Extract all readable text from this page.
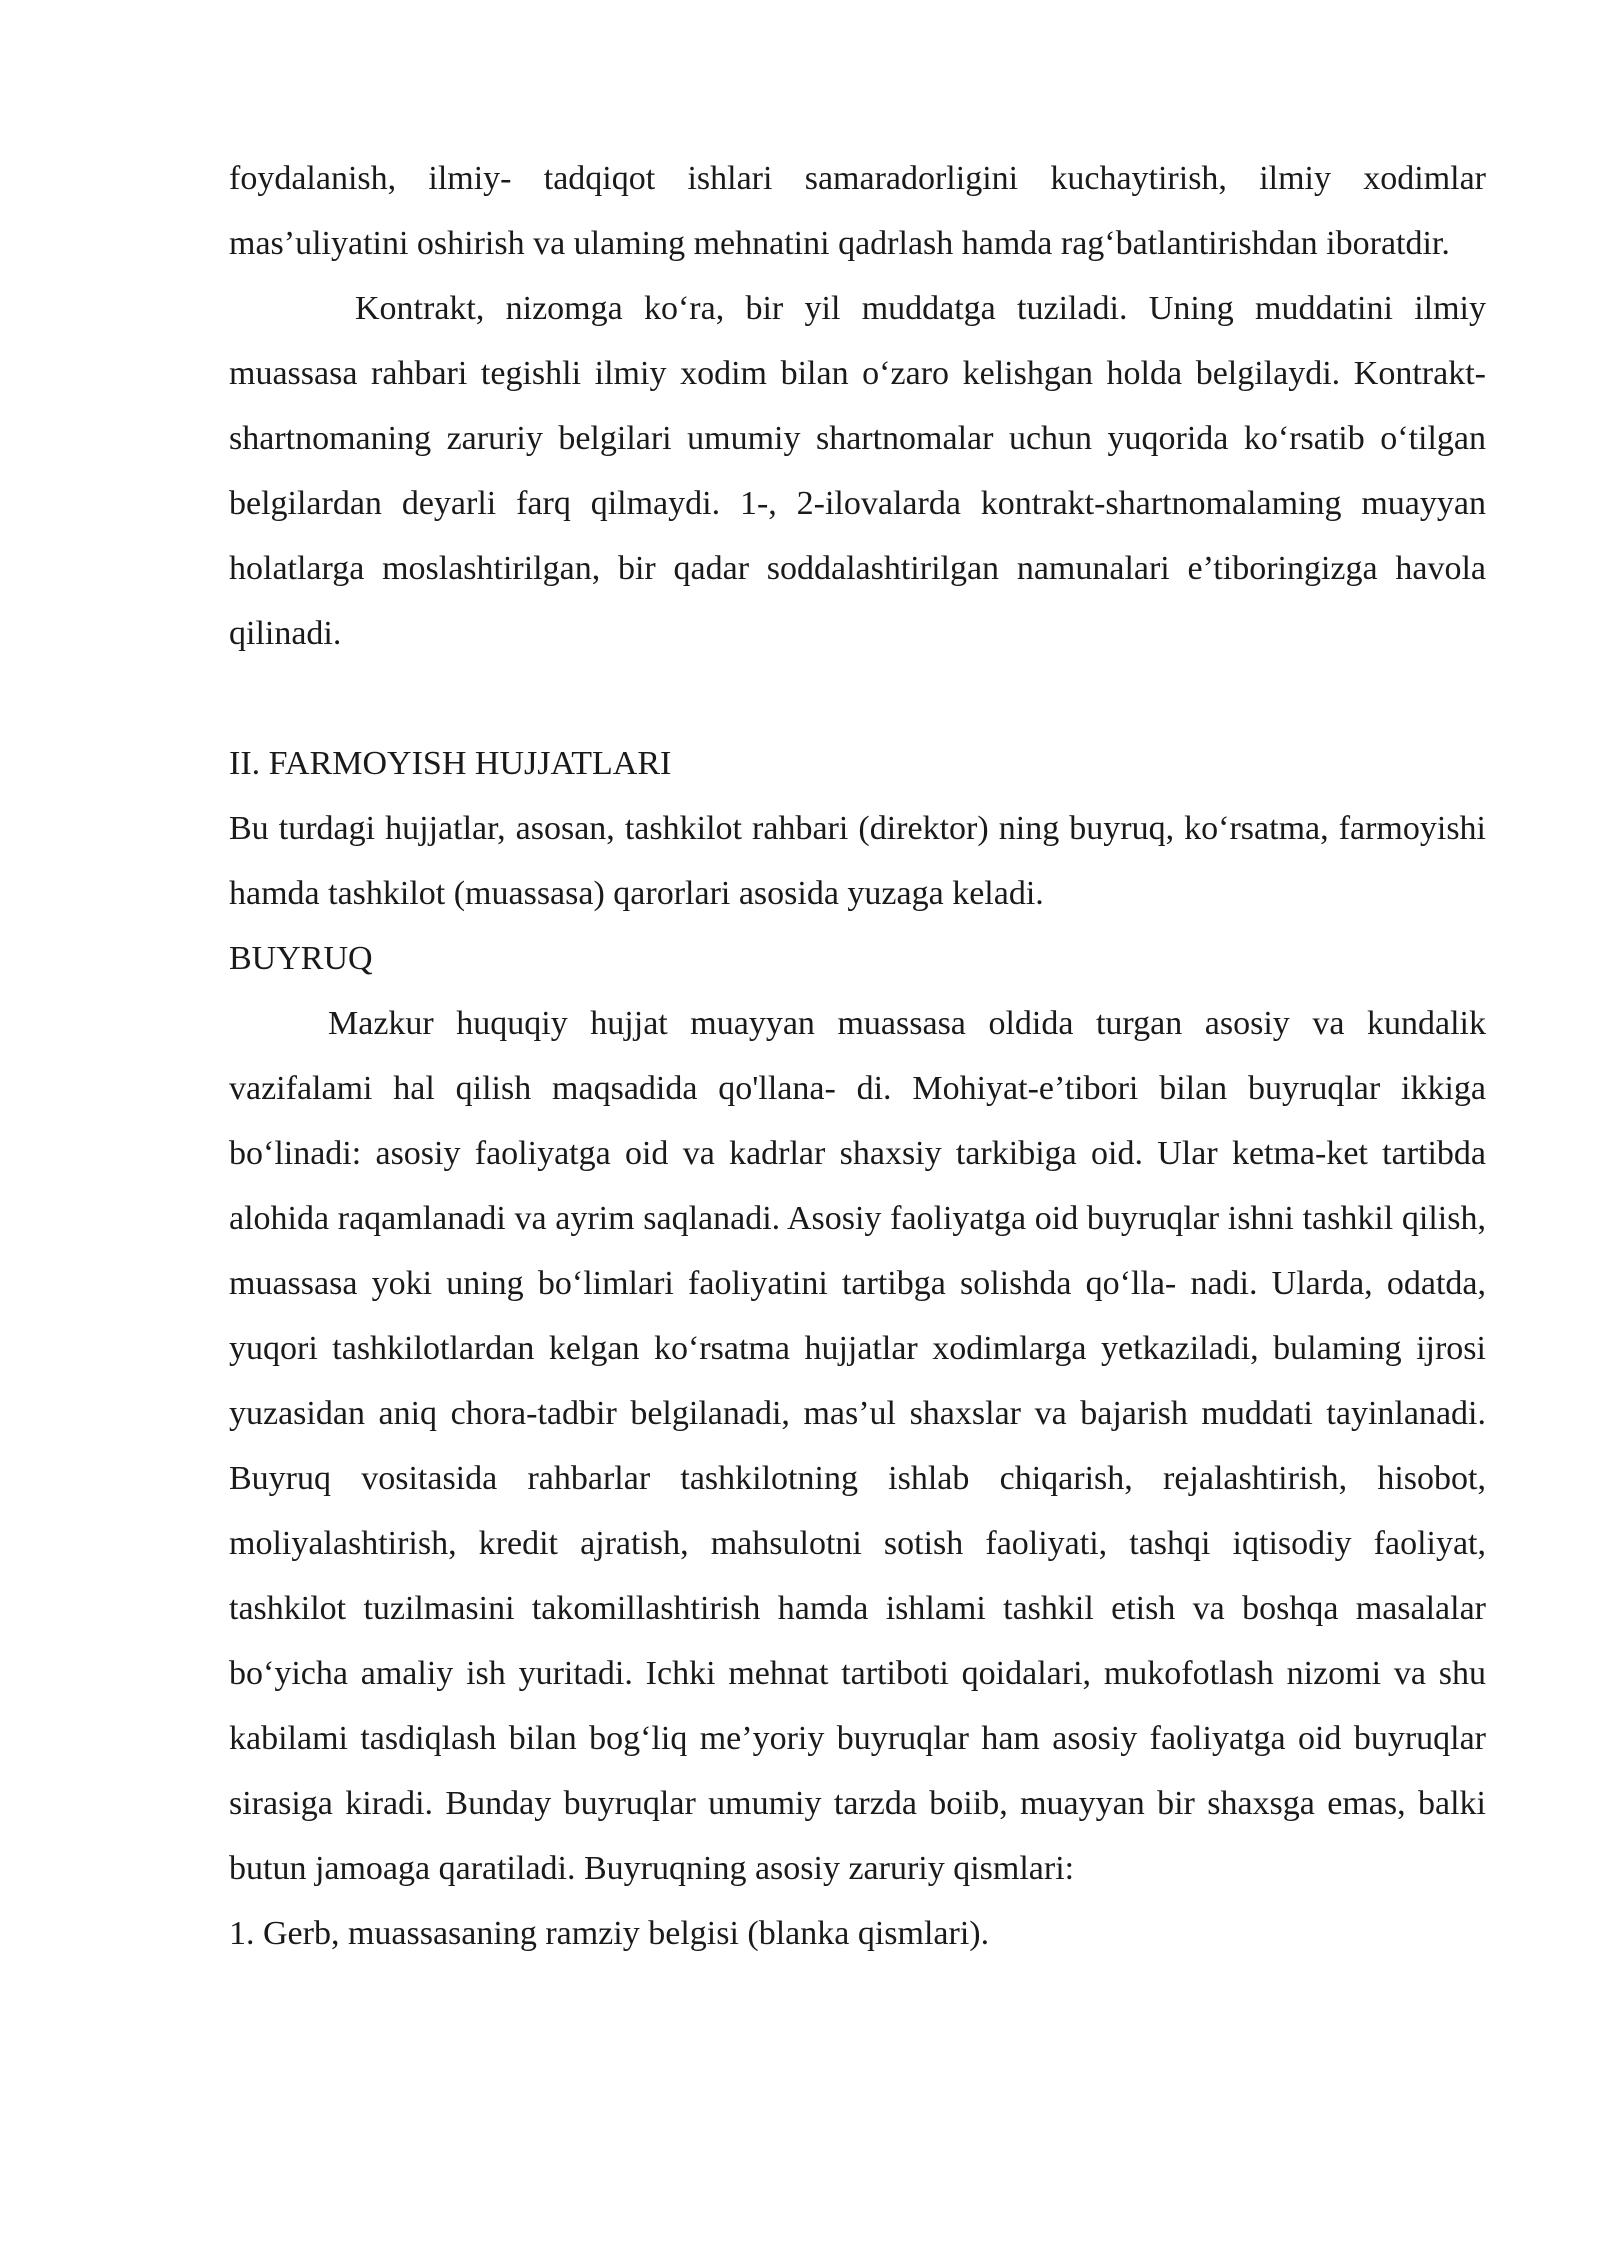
foydalanish, ilmiy- tadqiqot ishlari samaradorligini kuchaytirish, ilmiy xodimlar mas’uliyatini oshirish va ulaming mehnatini qadrlash hamda rag‘batlantirishdan iboratdir.

Kontrakt, nizomga ko‘ra, bir yil muddatga tuziladi. Uning muddatini ilmiy muassasa rahbari tegishli ilmiy xodim bilan o‘zaro kelishgan holda belgilaydi. Kontrakt-shartnomaning zaruriy belgilari umumiy shartnomalar uchun yuqorida ko‘rsatib o‘tilgan belgilardan deyarli farq qilmaydi. 1-, 2-ilovalarda kontrakt-shartnomalaming muayyan holatlarga moslashtirilgan, bir qadar soddalashtirilgan namunalari e’tiboringizga havola qilinadi.

II. FARMOYISH HUJJATLARI

Bu turdagi hujjatlar, asosan, tashkilot rahbari (direktor) ning buyruq, ko‘rsatma, farmoyishi hamda tashkilot (muassasa) qarorlari asosida yuzaga keladi.

BUYRUQ

Mazkur huquqiy hujjat muayyan muassasa oldida turgan asosiy va kundalik vazifalami hal qilish maqsadida qo'llana- di. Mohiyat-e’tibori bilan buyruqlar ikkiga bo‘linadi: asosiy faoliyatga oid va kadrlar shaxsiy tarkibiga oid. Ular ketma-ket tartibda alohida raqamlanadi va ayrim saqlanadi. Asosiy faoliyatga oid buyruqlar ishni tashkil qilish, muassasa yoki uning bo‘limlari faoliyatini tartibga solishda qo‘lla- nadi. Ularda, odatda, yuqori tashkilotlardan kelgan ko‘rsatma hujjatlar xodimlarga yetkaziladi, bulaming ijrosi yuzasidan aniq chora-tadbir belgilanadi, mas’ul shaxslar va bajarish muddati tayinlanadi. Buyruq vositasida rahbarlar tashkilotning ishlab chiqarish, rejalashtirish, hisobot, moliyalashtirish, kredit ajratish, mahsulotni sotish faoliyati, tashqi iqtisodiy faoliyat, tashkilot tuzilmasini takomillashtirish hamda ishlami tashkil etish va boshqa masalalar bo‘yicha amaliy ish yuritadi. Ichki mehnat tartiboti qoidalari, mukofotlash nizomi va shu kabilami tasdiqlash bilan bog‘liq me’yoriy buyruqlar ham asosiy faoliyatga oid buyruqlar sirasiga kiradi. Bunday buyruqlar umumiy tarzda boiib, muayyan bir shaxsga emas, balki butun jamoaga qaratiladi. Buyruqning asosiy zaruriy qismlari:

1. Gerb, muassasaning ramziy belgisi (blanka qismlari).
